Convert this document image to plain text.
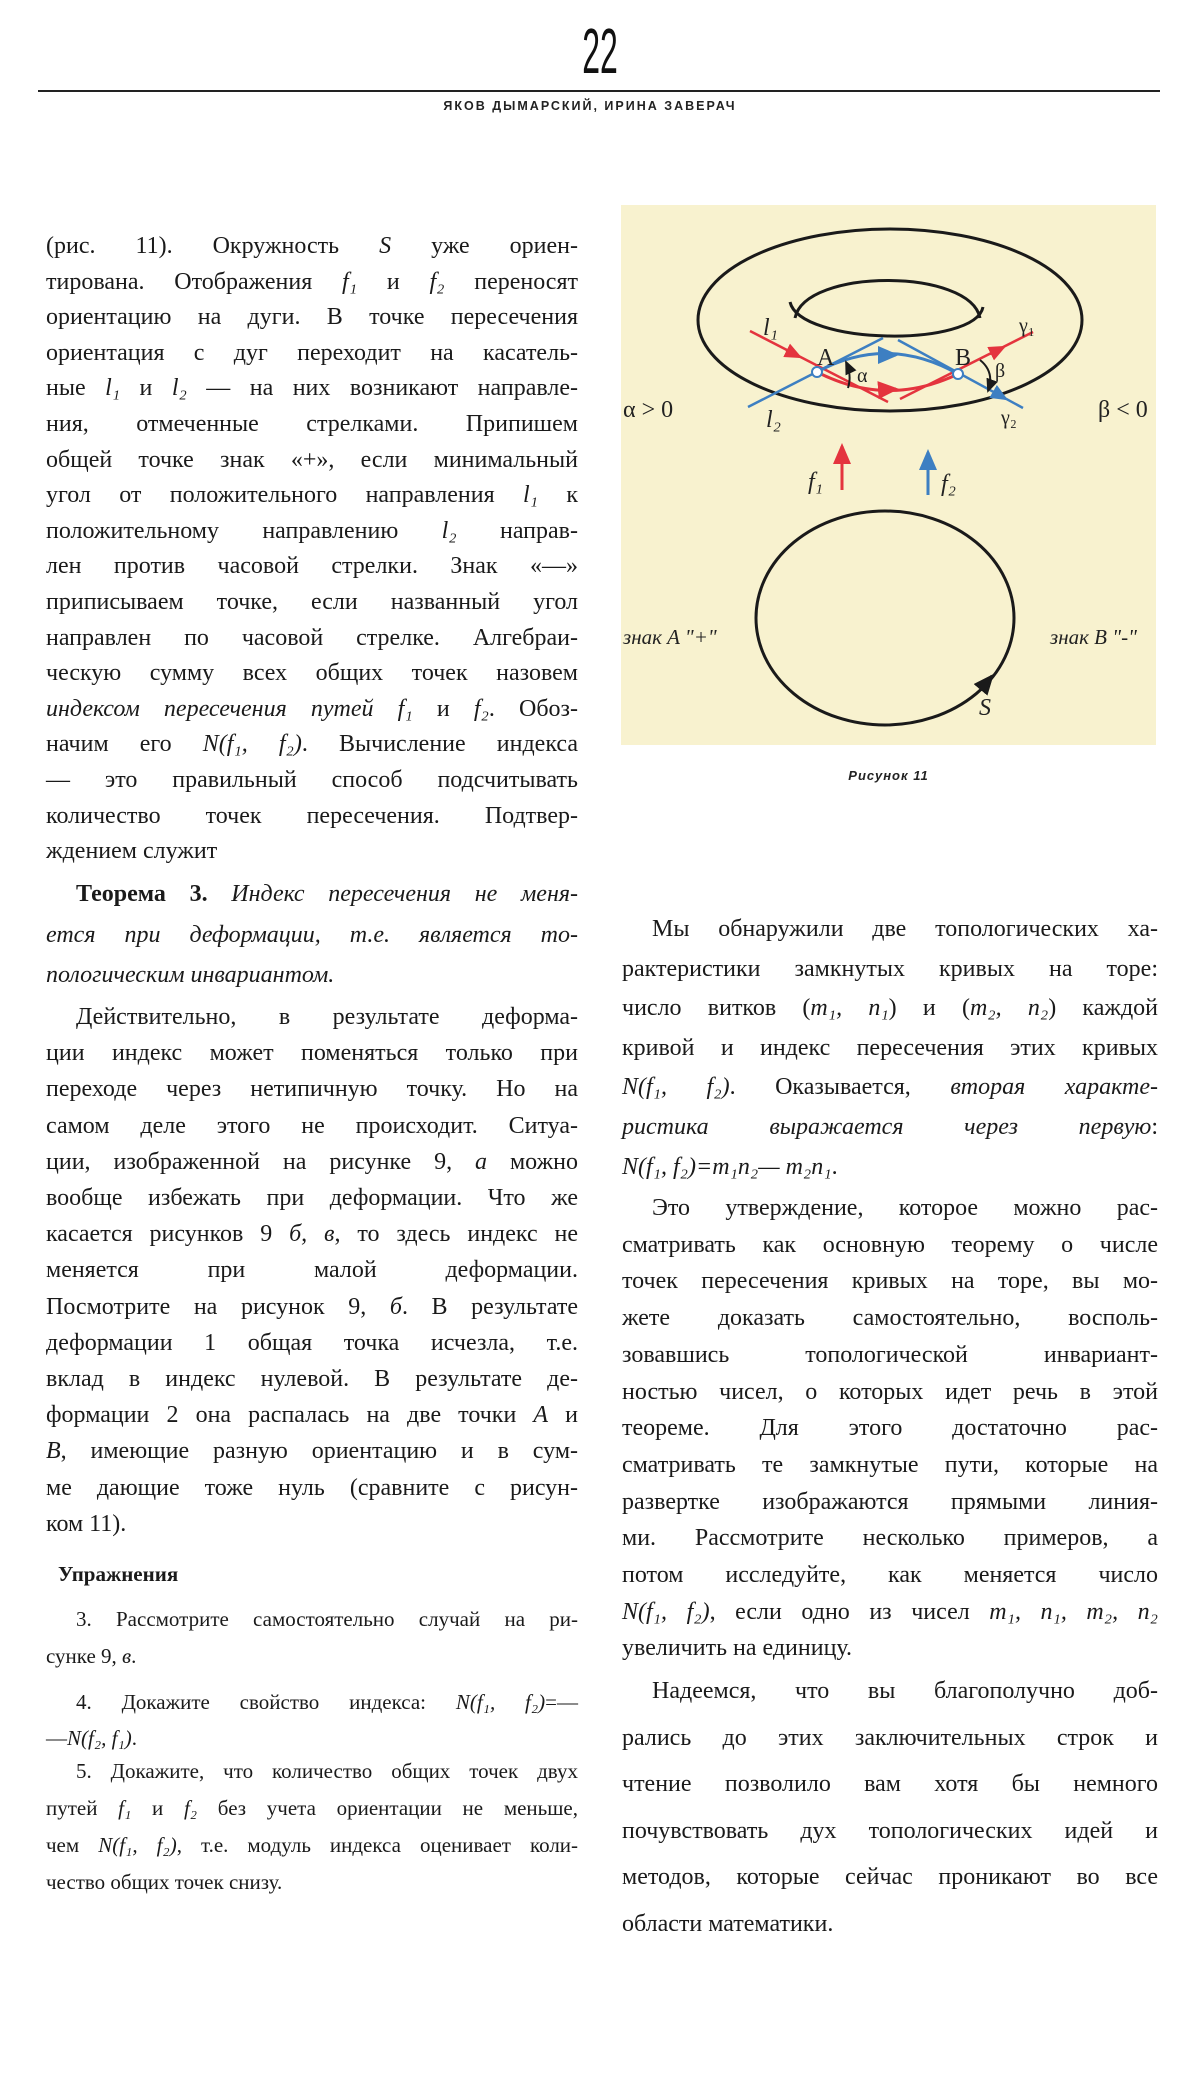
22
ЯКОВ ДЫМАРСКИЙ, ИРИНА ЗАВЕРАЧ
(рис. 11). Окружность S уже ориен-
тирована. Отображения f₁ и f₂ переносят
ориентацию на дуги. В точке пересечения
ориентация с дуг переходит на касатель-
ные l₁ и l₂ — на них возникают направле-
ния, отмеченные стрелками. Припишем
общей точке знак «+», если минимальный
угол от положительного направления l₁ к
положительному направлению l₂ направ-
лен против часовой стрелки. Знак «—»
приписываем точке, если названный угол
направлен по часовой стрелке. Алгебраи-
ческую сумму всех общих точек назовем
индексом пересечения путей f₁ и f₂. Обоз-
начим его N(f₁, f₂). Вычисление индекса
— это правильный способ подсчитывать
количество точек пересечения. Подтвер-
ждением служит
Теорема 3. Индекс пересечения не меня-
ется при деформации, т.е. является то-
пологическим инвариантом.
Действительно, в результате деформа-
ции индекс может поменяться только при
переходе через нетипичную точку. Но на
самом деле этого не происходит. Ситуа-
ции, изображенной на рисунке 9, а можно
вообще избежать при деформации. Что же
касается рисунков 9 б, в, то здесь индекс не
меняется при малой деформации.
Посмотрите на рисунок 9, б. В результате
деформации 1 общая точка исчезла, т.е.
вклад в индекс нулевой. В результате де-
формации 2 она распалась на две точки A и
B, имеющие разную ориентацию и в сум-
ме дающие тоже нуль (сравните с рисун-
ком 11).
Упражнения
3. Рассмотрите самостоятельно случай на ри-
сунке 9, в.
4. Докажите свойство индекса: N(f₁, f₂)=—
—N(f₂, f₁).
5. Докажите, что количество общих точек двух
путей f₁ и f₂ без учета ориентации не меньше,
чем N(f₁, f₂), т.е. модуль индекса оценивает коли-
чество общих точек снизу.
l₁
A	B
γ₁
α	β
l₂	γ₂
α > 0	β < 0
f₁	f₂
знак A "+"	знак B "-"
S
Рисунок 11
Мы обнаружили две топологических ха-
рактеристики замкнутых кривых на торе:
число витков (m₁, n₁) и (m₂, n₂) каждой
кривой и индекс пересечения этих кривых
N(f₁, f₂). Оказывается, вторая характе-
ристика выражается через первую:
N(f₁, f₂)=m₁n₂— m₂n₁.
Это утверждение, которое можно рас-
сматривать как основную теорему о числе
точек пересечения кривых на торе, вы мо-
жете доказать самостоятельно, восполь-
зовавшись топологической инвариант-
ностью чисел, о которых идет речь в этой
теореме. Для этого достаточно рас-
сматривать те замкнутые пути, которые на
развертке изображаются прямыми линия-
ми. Рассмотрите несколько примеров, а
потом исследуйте, как меняется число
N(f₁, f₂), если одно из чисел m₁, n₁, m₂, n₂
увеличить на единицу.
Надеемся, что вы благополучно доб-
рались до этих заключительных строк и
чтение позволило вам хотя бы немного
почувствовать дух топологических идей и
методов, которые сейчас проникают во все
области математики.
